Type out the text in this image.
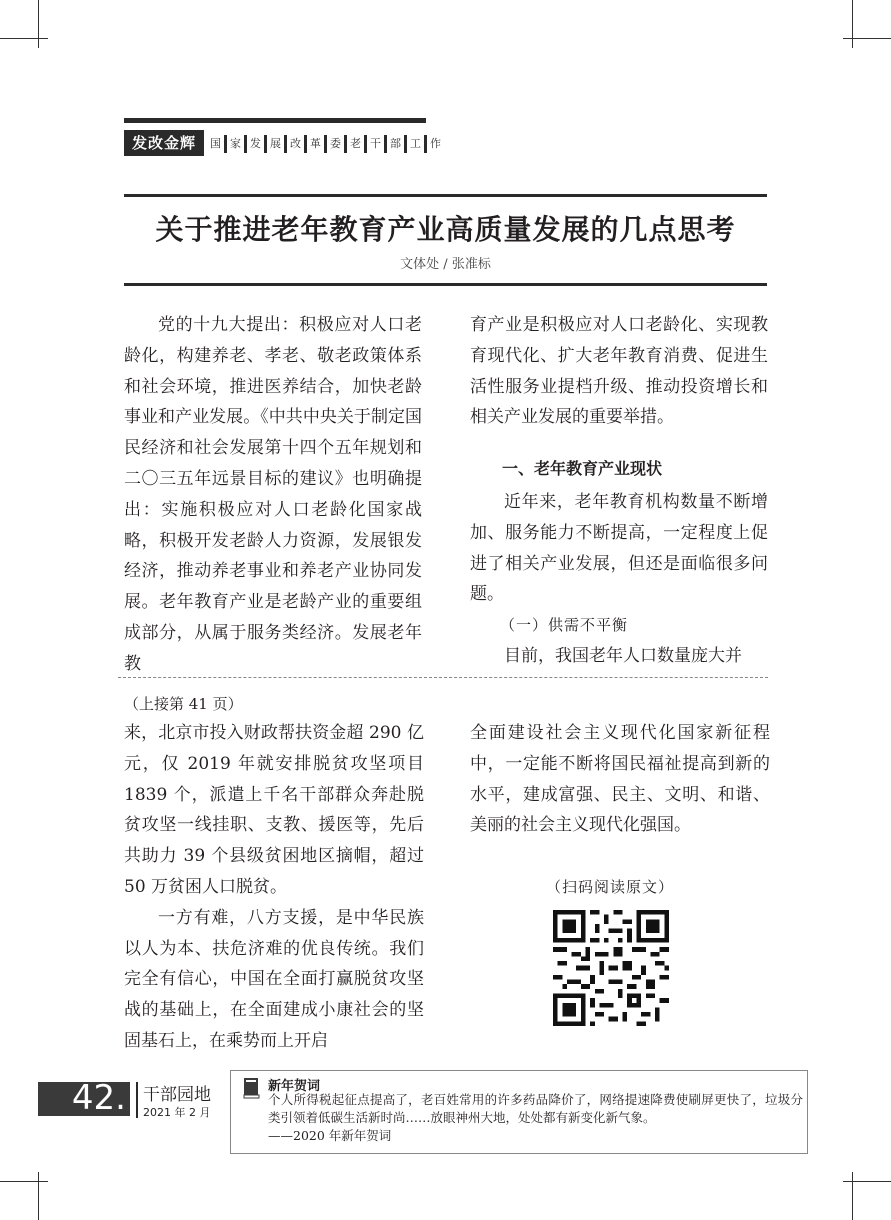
发改金辉	国 家 发 展 改 革 委 老 干 部 工 作
关于推进老年教育产业高质量发展的几点思考
文体处 / 张准标

党的十九大提出：积极应对人口老龄化，构建养老、孝老、敬老政策体系和社会环境，推进医养结合，加快老龄事业和产业发展。《中共中央关于制定国民经济和社会发展第十四个五年规划和二〇三五年远景目标的建议》也明确提出：实施积极应对人口老龄化国家战略，积极开发老龄人力资源，发展银发经济，推动养老事业和养老产业协同发展。老年教育产业是老龄产业的重要组成部分，从属于服务类经济。发展老年教

育产业是积极应对人口老龄化、实现教育现代化、扩大老年教育消费、促进生活性服务业提档升级、推动投资增长和相关产业发展的重要举措。

一、老年教育产业现状

近年来，老年教育机构数量不断增加、服务能力不断提高，一定程度上促进了相关产业发展，但还是面临很多问题。

（一）供需不平衡

目前，我国老年人口数量庞大并

（上接第 41 页）

来，北京市投入财政帮扶资金超 290 亿元，仅 2019 年就安排脱贫攻坚项目 1839 个，派遣上千名干部群众奔赴脱贫攻坚一线挂职、支教、援医等，先后共助力 39 个县级贫困地区摘帽，超过 50 万贫困人口脱贫。

一方有难，八方支援，是中华民族以人为本、扶危济难的优良传统。我们完全有信心，中国在全面打赢脱贫攻坚战的基础上，在全面建成小康社会的坚固基石上，在乘势而上开启

全面建设社会主义现代化国家新征程中，一定能不断将国民福祉提高到新的水平，建成富强、民主、文明、和谐、美丽的社会主义现代化强国。

（扫码阅读原文）
42. 干部园地
2021 年 2 月
新年贺词
个人所得税起征点提高了，老百姓常用的许多药品降价了，网络提速降费使刷屏更快了，垃圾分类引领着低碳生活新时尚……放眼神州大地，处处都有新变化新气象。
——2020 年新年贺词
